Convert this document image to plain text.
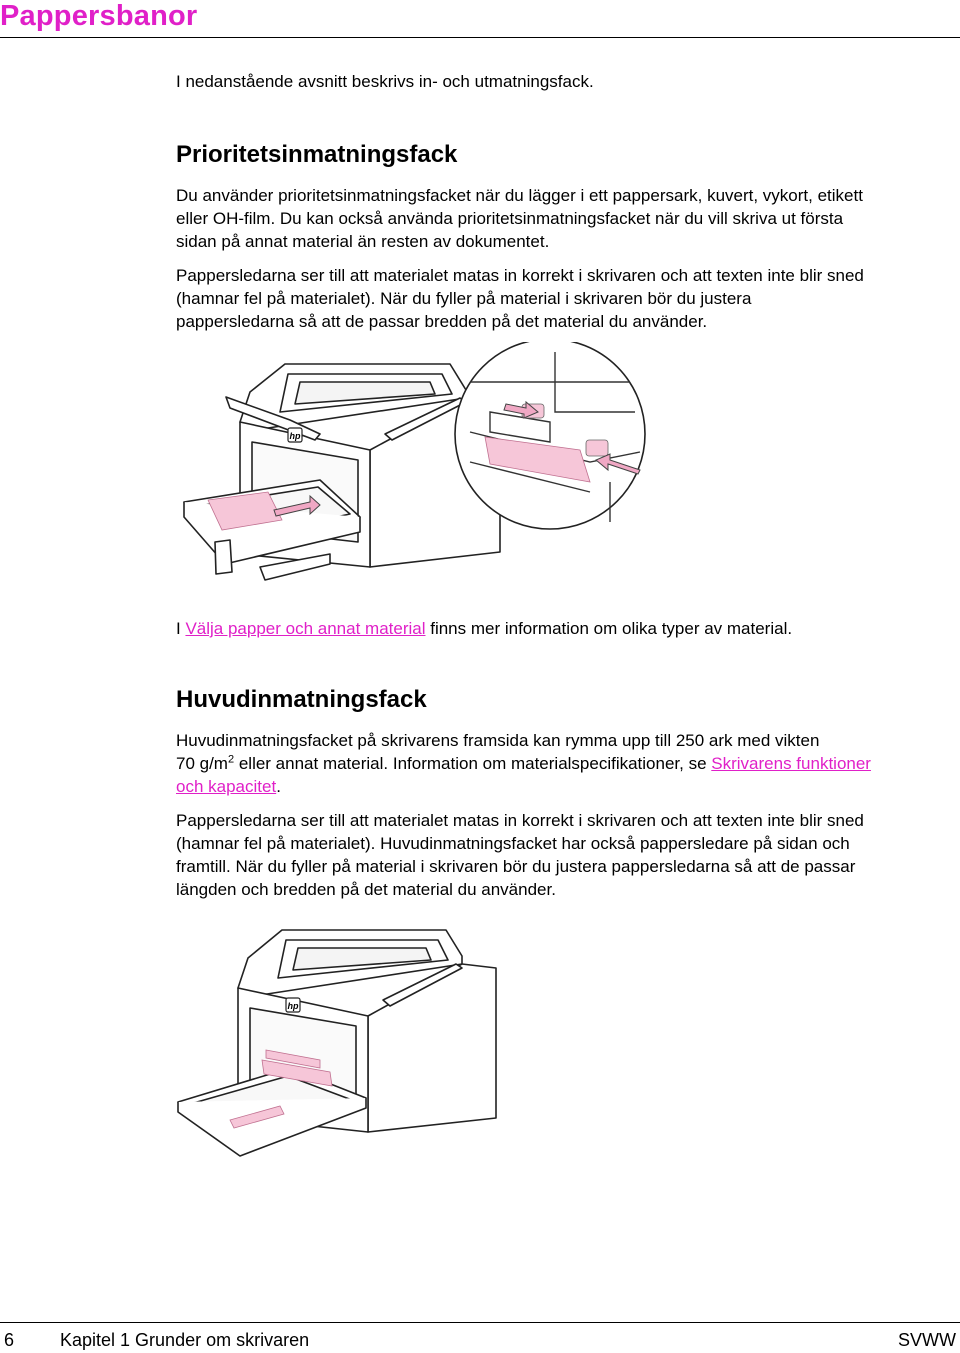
Pappersbanor

I nedanstående avsnitt beskrivs in- och utmatningsfack.

Prioritetsinmatningsfack

Du använder prioritetsinmatningsfacket när du lägger i ett pappersark, kuvert, vykort, etikett
eller OH-film. Du kan också använda prioritetsinmatningsfacket när du vill skriva ut första
sidan på annat material än resten av dokumentet.

Pappersledarna ser till att materialet matas in korrekt i skrivaren och att texten inte blir sned
(hamnar fel på materialet). När du fyller på material i skrivaren bör du justera
pappersledarna så att de passar bredden på det material du använder.

hp

I Välja papper och annat material finns mer information om olika typer av material.

Huvudinmatningsfack

Huvudinmatningsfacket på skrivarens framsida kan rymma upp till 250 ark med vikten
70 $g/m^2$ eller annat material. Information om materialspecifikationer, se Skrivarens funktioner
och kapacitet.

Pappersledarna ser till att materialet matas in korrekt i skrivaren och att texten inte blir sned
(hamnar fel på materialet). Huvudinmatningsfacket har också pappersledare på sidan och
framtill. När du fyller på material i skrivaren bör du justera pappersledarna så att de passar
längden och bredden på det material du använder.

hp
6	Kapitel 1 Grunder om skrivaren	SVWW
